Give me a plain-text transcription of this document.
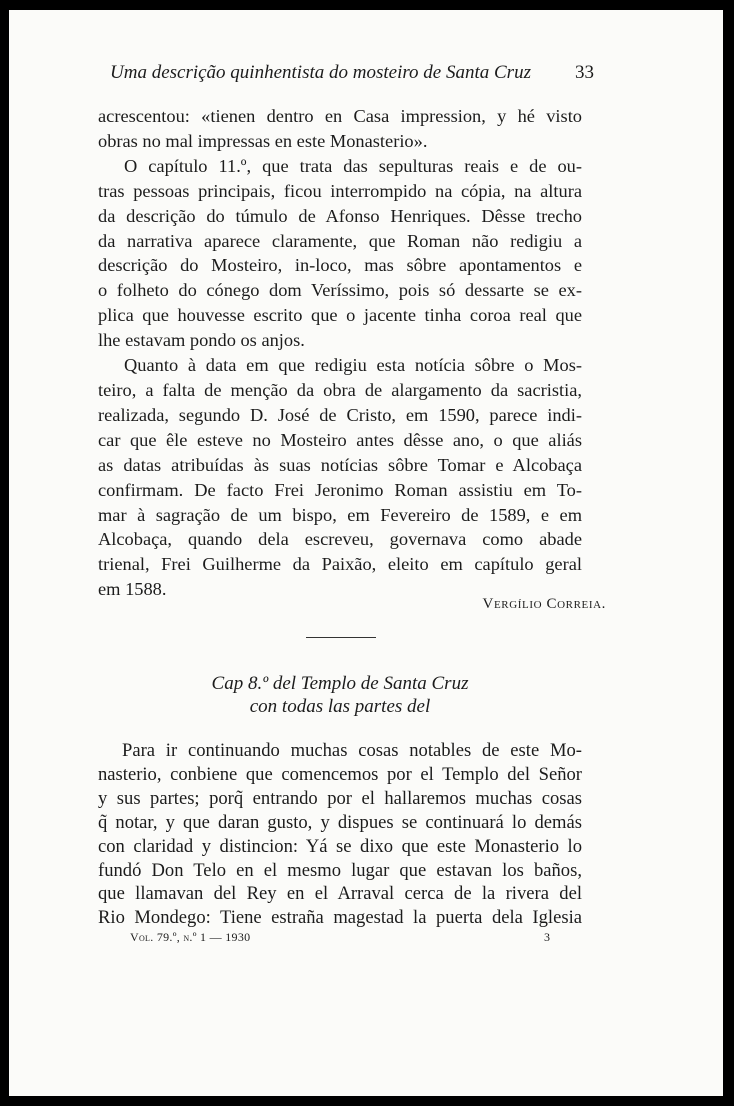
Uma descrição quinhentista do mosteiro de Santa Cruz 33
acrescentou: «tienen dentro en Casa impression, y hé visto
obras no mal impressas en este Monasterio».
O capítulo 11.º, que trata das sepulturas reais e de ou-
tras pessoas principais, ficou interrompido na cópia, na altura
da descrição do túmulo de Afonso Henriques. Dêsse trecho
da narrativa aparece claramente, que Roman não redigiu a
descrição do Mosteiro, in-loco, mas sôbre apontamentos e
o folheto do cónego dom Veríssimo, pois só dessarte se ex-
plica que houvesse escrito que o jacente tinha coroa real que
lhe estavam pondo os anjos.
Quanto à data em que redigiu esta notícia sôbre o Mos-
teiro, a falta de menção da obra de alargamento da sacristia,
realizada, segundo D. José de Cristo, em 1590, parece indi-
car que êle esteve no Mosteiro antes dêsse ano, o que aliás
as datas atribuídas às suas notícias sôbre Tomar e Alcobaça
confirmam. De facto Frei Jeronimo Roman assistiu em To-
mar à sagração de um bispo, em Fevereiro de 1589, e em
Alcobaça, quando dela escreveu, governava como abade
trienal, Frei Guilherme da Paixão, eleito em capítulo geral
em 1588.
Vergílio Correia.
Cap 8.º del Templo de Santa Cruz
con todas las partes del
Para ir continuando muchas cosas notables de este Mo-
nasterio, conbiene que comencemos por el Templo del Señor
y sus partes; porq̃ entrando por el hallaremos muchas cosas
q̃ notar, y que daran gusto, y dispues se continuará lo demás
con claridad y distincion: Yá se dixo que este Monasterio lo
fundó Don Telo en el mesmo lugar que estavan los baños,
que llamavan del Rey en el Arraval cerca de la rivera del
Rio Mondego: Tiene estraña magestad la puerta dela Iglesia
Vol. 79.º, n.º 1 — 1930	3
